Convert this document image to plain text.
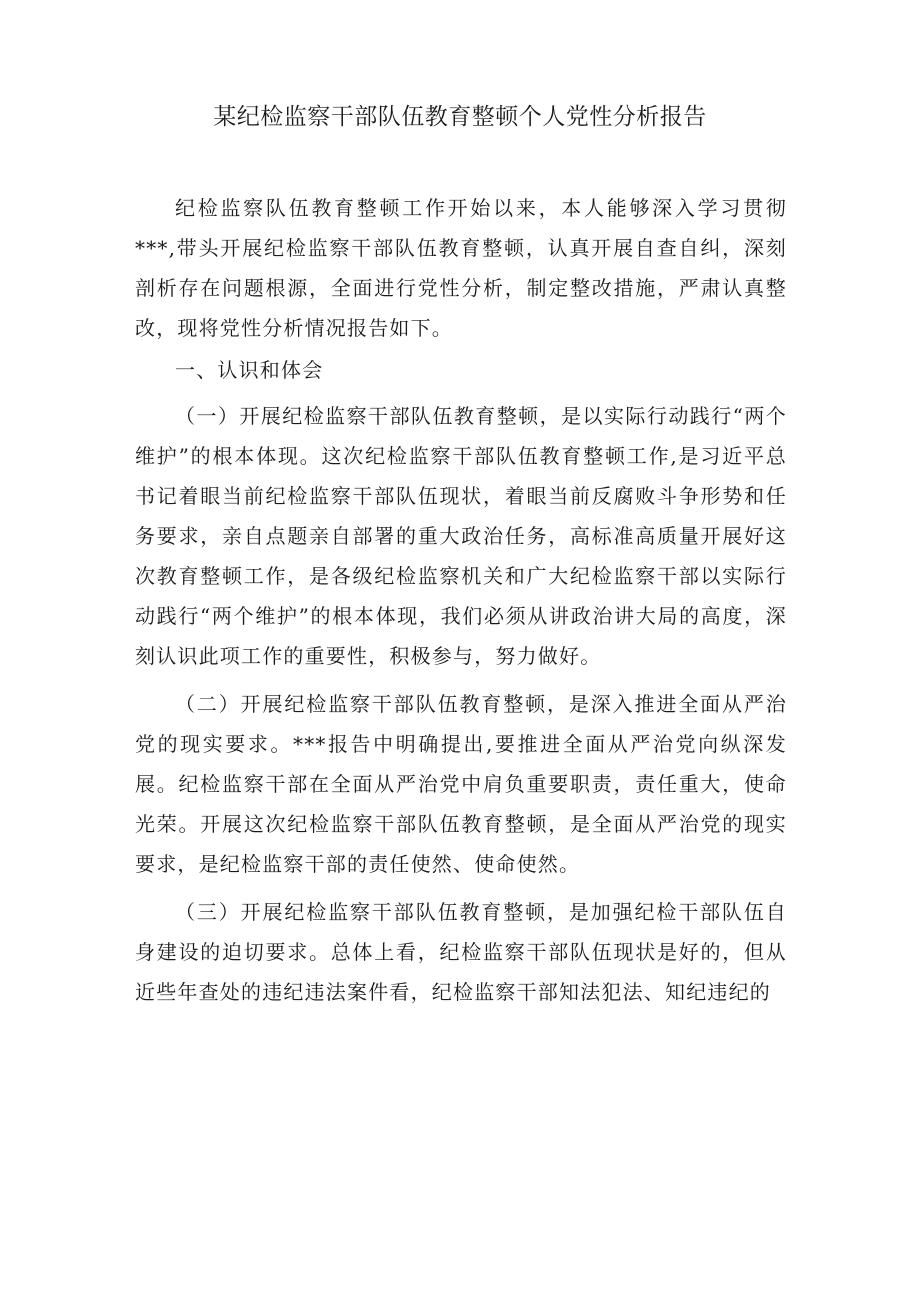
某纪检监察干部队伍教育整顿个人党性分析报告

纪检监察队伍教育整顿工作开始以来，本人能够深入学习贯彻***,带头开展纪检监察干部队伍教育整顿，认真开展自查自纠，深刻剖析存在问题根源，全面进行党性分析，制定整改措施，严肃认真整改，现将党性分析情况报告如下。

一、认识和体会

（一）开展纪检监察干部队伍教育整顿，是以实际行动践行“两个维护”的根本体现。这次纪检监察干部队伍教育整顿工作,是习近平总书记着眼当前纪检监察干部队伍现状，着眼当前反腐败斗争形势和任务要求，亲自点题亲自部署的重大政治任务，高标准高质量开展好这次教育整顿工作，是各级纪检监察机关和广大纪检监察干部以实际行动践行“两个维护”的根本体现，我们必须从讲政治讲大局的高度，深刻认识此项工作的重要性，积极参与，努力做好。

（二）开展纪检监察干部队伍教育整顿，是深入推进全面从严治党的现实要求。***报告中明确提出,要推进全面从严治党向纵深发展。纪检监察干部在全面从严治党中肩负重要职责，责任重大，使命光荣。开展这次纪检监察干部队伍教育整顿，是全面从严治党的现实要求，是纪检监察干部的责任使然、使命使然。

（三）开展纪检监察干部队伍教育整顿，是加强纪检干部队伍自身建设的迫切要求。总体上看，纪检监察干部队伍现状是好的，但从近些年查处的违纪违法案件看，纪检监察干部知法犯法、知纪违纪的
